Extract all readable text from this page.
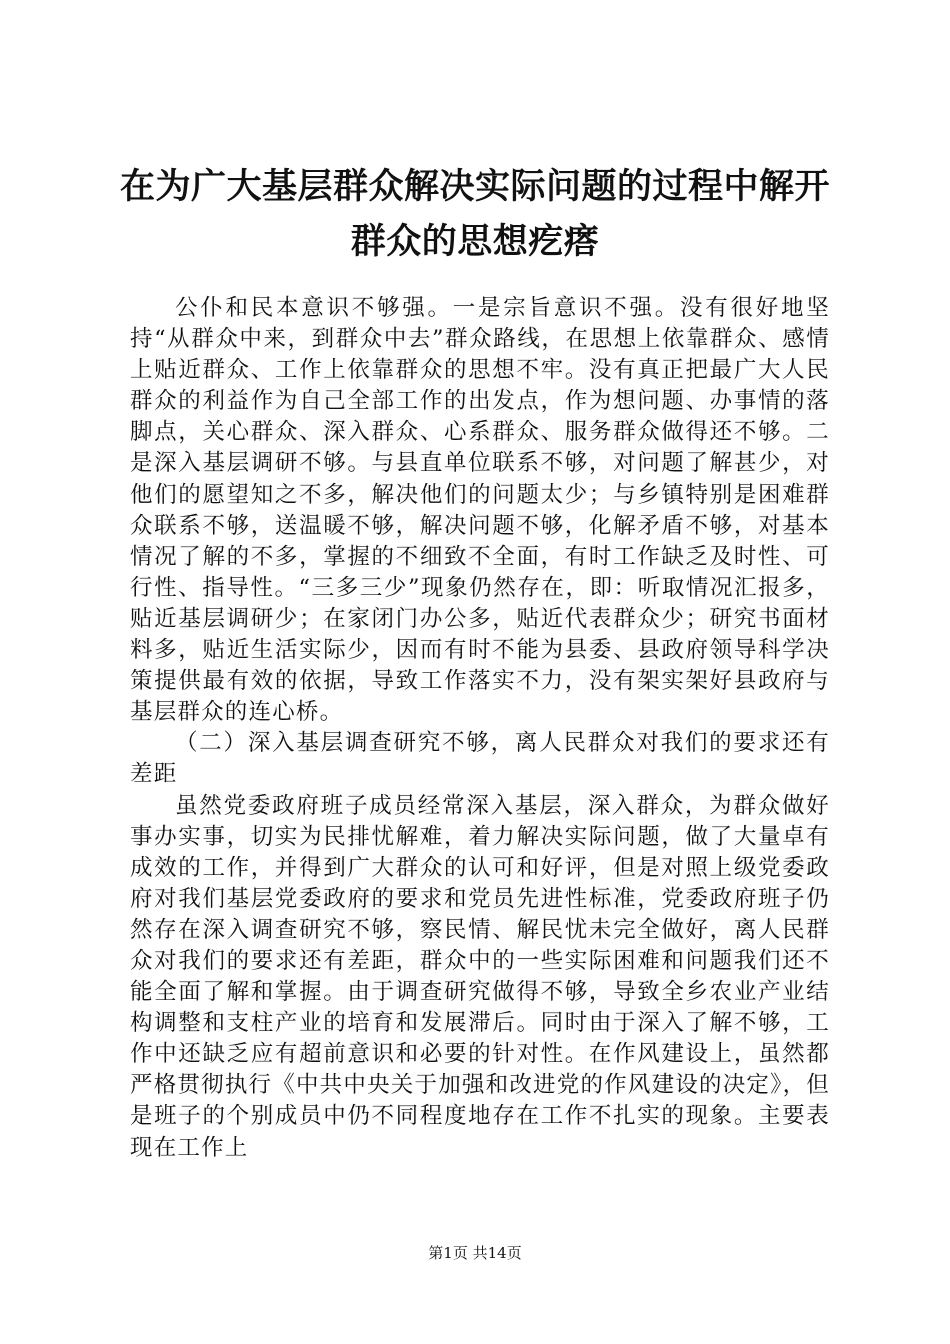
在为广大基层群众解决实际问题的过程中解开
群众的思想疙瘩

公仆和民本意识不够强。一是宗旨意识不强。没有很好地坚持“从群众中来，到群众中去”群众路线，在思想上依靠群众、感情上贴近群众、工作上依靠群众的思想不牢。没有真正把最广大人民群众的利益作为自己全部工作的出发点，作为想问题、办事情的落脚点，关心群众、深入群众、心系群众、服务群众做得还不够。二是深入基层调研不够。与县直单位联系不够，对问题了解甚少，对他们的愿望知之不多，解决他们的问题太少；与乡镇特别是困难群众联系不够，送温暖不够，解决问题不够，化解矛盾不够，对基本情况了解的不多，掌握的不细致不全面，有时工作缺乏及时性、可行性、指导性。“三多三少”现象仍然存在，即：听取情况汇报多，贴近基层调研少；在家闭门办公多，贴近代表群众少；研究书面材料多，贴近生活实际少，因而有时不能为县委、县政府领导科学决策提供最有效的依据，导致工作落实不力，没有架实架好县政府与基层群众的连心桥。

（二）深入基层调查研究不够，离人民群众对我们的要求还有差距

虽然党委政府班子成员经常深入基层，深入群众，为群众做好事办实事，切实为民排忧解难，着力解决实际问题，做了大量卓有成效的工作，并得到广大群众的认可和好评，但是对照上级党委政府对我们基层党委政府的要求和党员先进性标准，党委政府班子仍然存在深入调查研究不够，察民情、解民忧未完全做好，离人民群众对我们的要求还有差距，群众中的一些实际困难和问题我们还不能全面了解和掌握。由于调查研究做得不够，导致全乡农业产业结构调整和支柱产业的培育和发展滞后。同时由于深入了解不够，工作中还缺乏应有超前意识和必要的针对性。在作风建设上，虽然都严格贯彻执行《中共中央关于加强和改进党的作风建设的决定》，但是班子的个别成员中仍不同程度地存在工作不扎实的现象。主要表现在工作上

第1页 共14页
